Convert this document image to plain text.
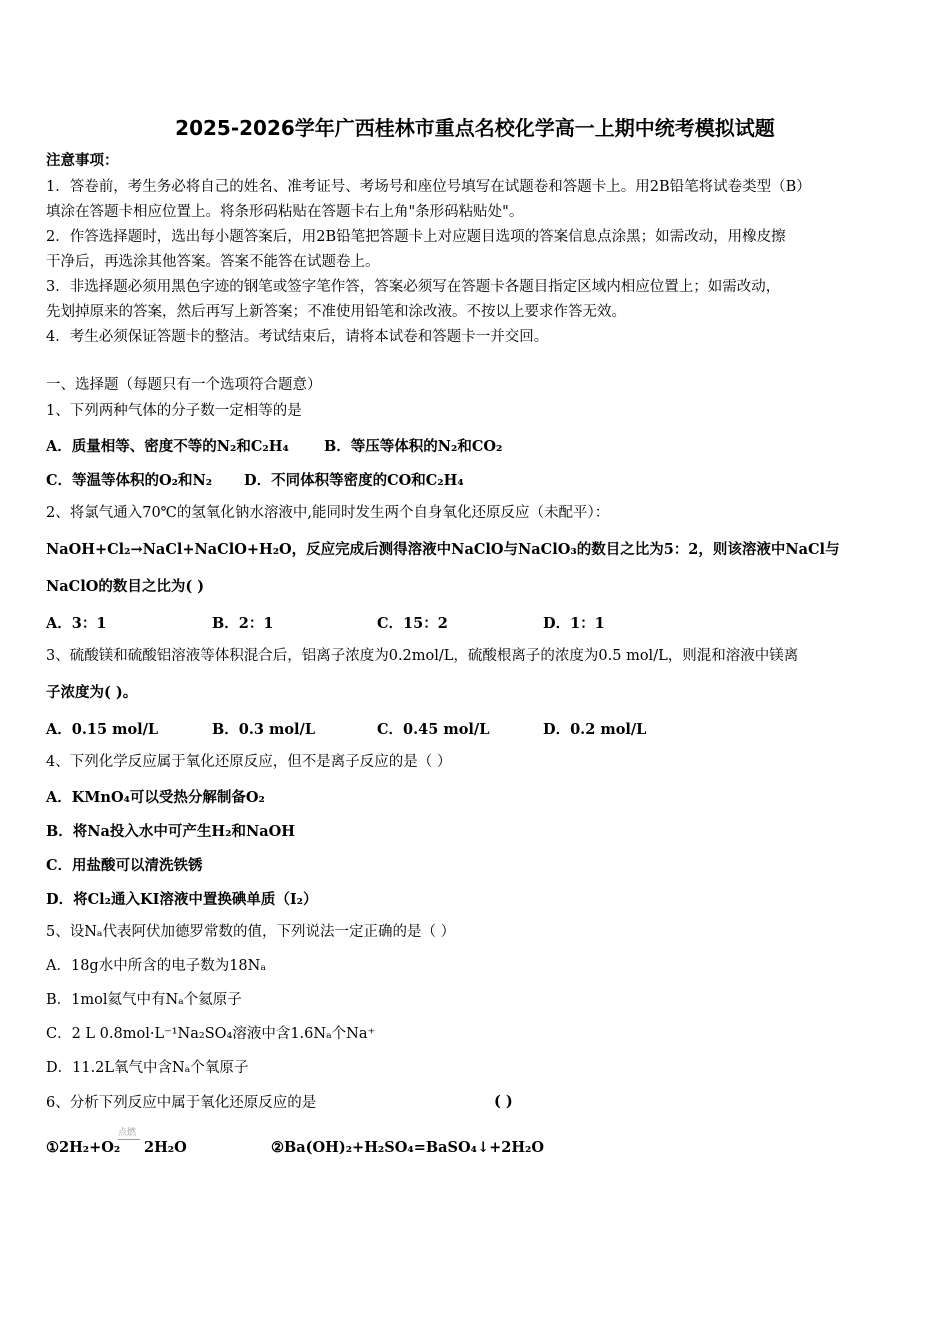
2025-2026学年广西桂林市重点名校化学高一上期中统考模拟试题
注意事项：
1．答卷前，考生务必将自己的姓名、准考证号、考场号和座位号填写在试题卷和答题卡上。用2B铅笔将试卷类型（B）
填涂在答题卡相应位置上。将条形码粘贴在答题卡右上角"条形码粘贴处"。
2．作答选择题时，选出每小题答案后，用2B铅笔把答题卡上对应题目选项的答案信息点涂黑；如需改动，用橡皮擦
干净后，再选涂其他答案。答案不能答在试题卷上。
3．非选择题必须用黑色字迹的钢笔或签字笔作答，答案必须写在答题卡各题目指定区域内相应位置上；如需改动，
先划掉原来的答案，然后再写上新答案；不准使用铅笔和涂改液。不按以上要求作答无效。
4．考生必须保证答题卡的整洁。考试结束后，请将本试卷和答题卡一并交回。
一、选择题（每题只有一个选项符合题意）
1、下列两种气体的分子数一定相等的是
A．质量相等、密度不等的N₂和C₂H₄ B．等压等体积的N₂和CO₂
C．等温等体积的O₂和N₂ D．不同体积等密度的CO和C₂H₄
2、将氯气通入70℃的氢氧化钠水溶液中,能同时发生两个自身氧化还原反应（未配平）：
NaOH+Cl₂→NaCl+NaClO+H₂O，反应完成后测得溶液中NaClO与NaClO₃的数目之比为5：2，则该溶液中NaCl与
NaClO的数目之比为( )
A．3：1	B．2：1	C．15：2	D．1：1
3、硫酸镁和硫酸铝溶液等体积混合后，铝离子浓度为0.2mol/L，硫酸根离子的浓度为0.5 mol/L，则混和溶液中镁离
子浓度为( )。
A．0.15 mol/L	B．0.3 mol/L	C．0.45 mol/L	D．0.2 mol/L
4、下列化学反应属于氧化还原反应，但不是离子反应的是（ ）
A．KMnO₄可以受热分解制备O₂
B．将Na投入水中可产生H₂和NaOH
C．用盐酸可以清洗铁锈
D．将Cl₂通入KI溶液中置换碘单质（I₂）
5、设Nₐ代表阿伏加德罗常数的值，下列说法一定正确的是（ ）
A．18g水中所含的电子数为18Nₐ
B．1mol氦气中有Nₐ个氦原子
C．2 L 0.8mol·L⁻¹Na₂SO₄溶液中含1.6Nₐ个Na⁺
D．11.2L氧气中含Nₐ个氧原子
6、分析下列反应中属于氧化还原反应的是	( )
①2H₂+O₂
点燃
2H₂O	②Ba(OH)₂+H₂SO₄=BaSO₄↓+2H₂O
